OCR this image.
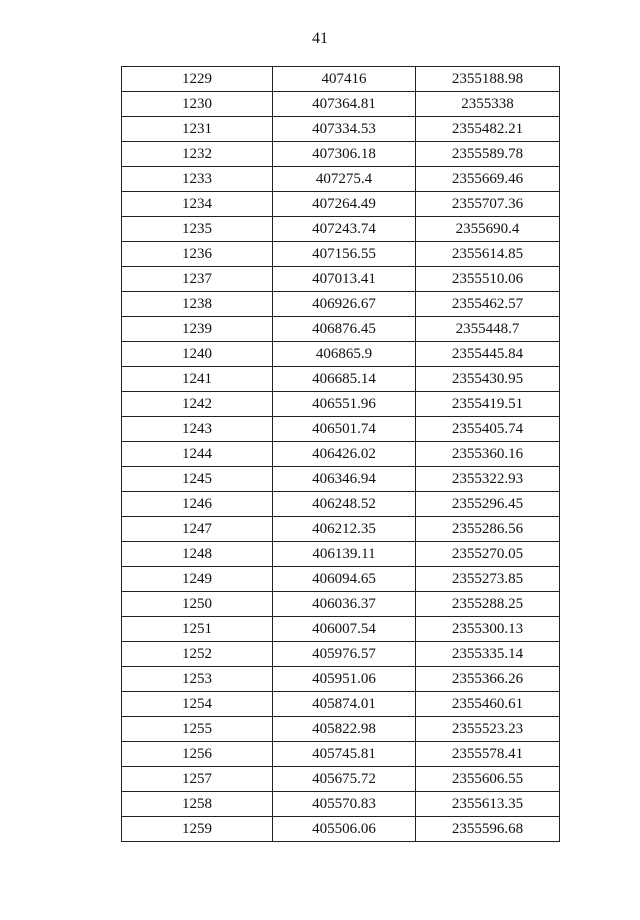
41
1229	407416	2355188.98
1230	407364.81	2355338
1231	407334.53	2355482.21
1232	407306.18	2355589.78
1233	407275.4	2355669.46
1234	407264.49	2355707.36
1235	407243.74	2355690.4
1236	407156.55	2355614.85
1237	407013.41	2355510.06
1238	406926.67	2355462.57
1239	406876.45	2355448.7
1240	406865.9	2355445.84
1241	406685.14	2355430.95
1242	406551.96	2355419.51
1243	406501.74	2355405.74
1244	406426.02	2355360.16
1245	406346.94	2355322.93
1246	406248.52	2355296.45
1247	406212.35	2355286.56
1248	406139.11	2355270.05
1249	406094.65	2355273.85
1250	406036.37	2355288.25
1251	406007.54	2355300.13
1252	405976.57	2355335.14
1253	405951.06	2355366.26
1254	405874.01	2355460.61
1255	405822.98	2355523.23
1256	405745.81	2355578.41
1257	405675.72	2355606.55
1258	405570.83	2355613.35
1259	405506.06	2355596.68
